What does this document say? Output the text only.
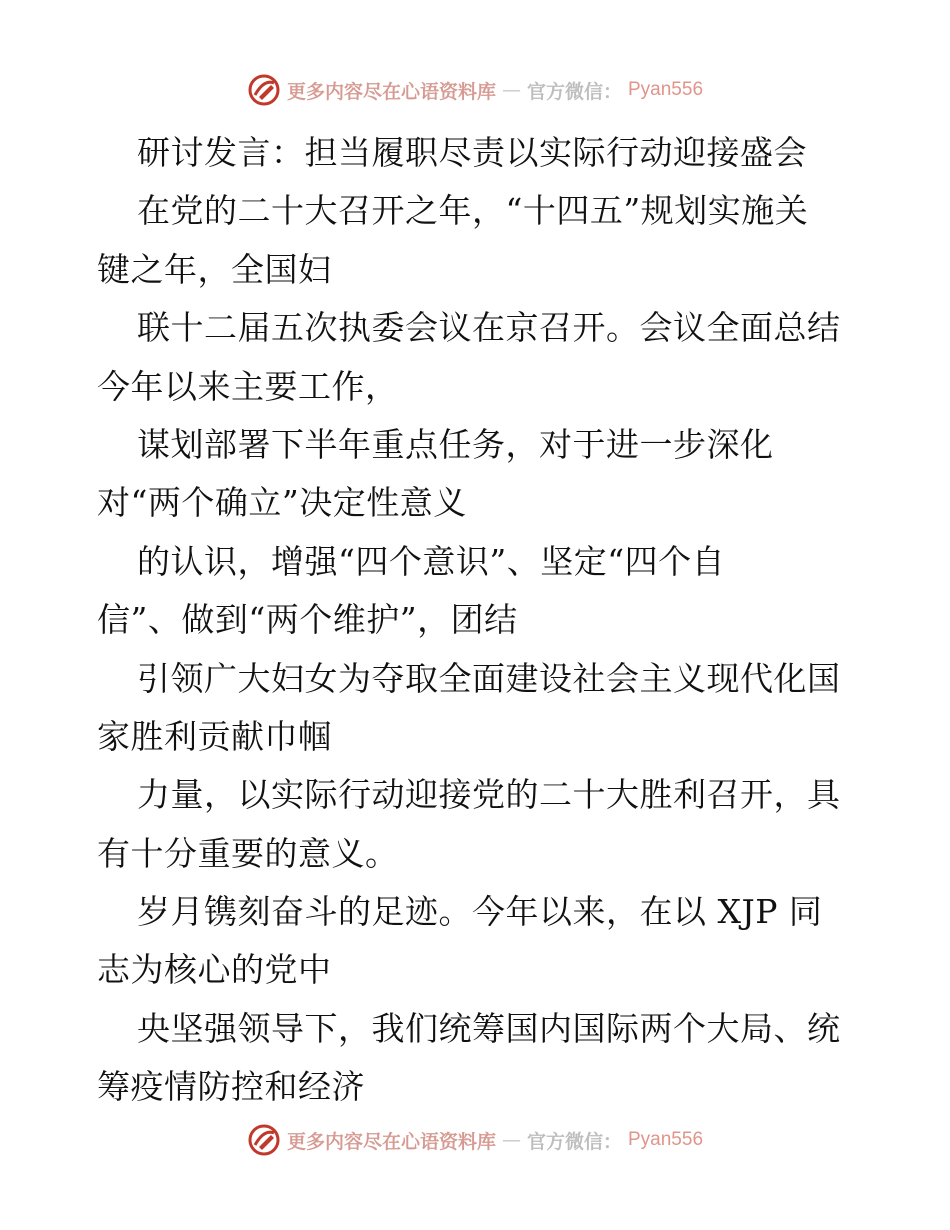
更多内容尽在心语资料库 — 官方微信： Pyan556
研讨发言：担当履职尽责以实际行动迎接盛会
在党的二十大召开之年，“十四五”规划实施关
键之年，全国妇
联十二届五次执委会议在京召开。会议全面总结
今年以来主要工作，
谋划部署下半年重点任务，对于进一步深化
对“两个确立”决定性意义
的认识，增强“四个意识”、坚定“四个自
信”、做到“两个维护”，团结
引领广大妇女为夺取全面建设社会主义现代化国
家胜利贡献巾帼
力量，以实际行动迎接党的二十大胜利召开，具
有十分重要的意义。
岁月镌刻奋斗的足迹。今年以来，在以 XJP 同
志为核心的党中
央坚强领导下，我们统筹国内国际两个大局、统
筹疫情防控和经济
更多内容尽在心语资料库 — 官方微信： Pyan556
